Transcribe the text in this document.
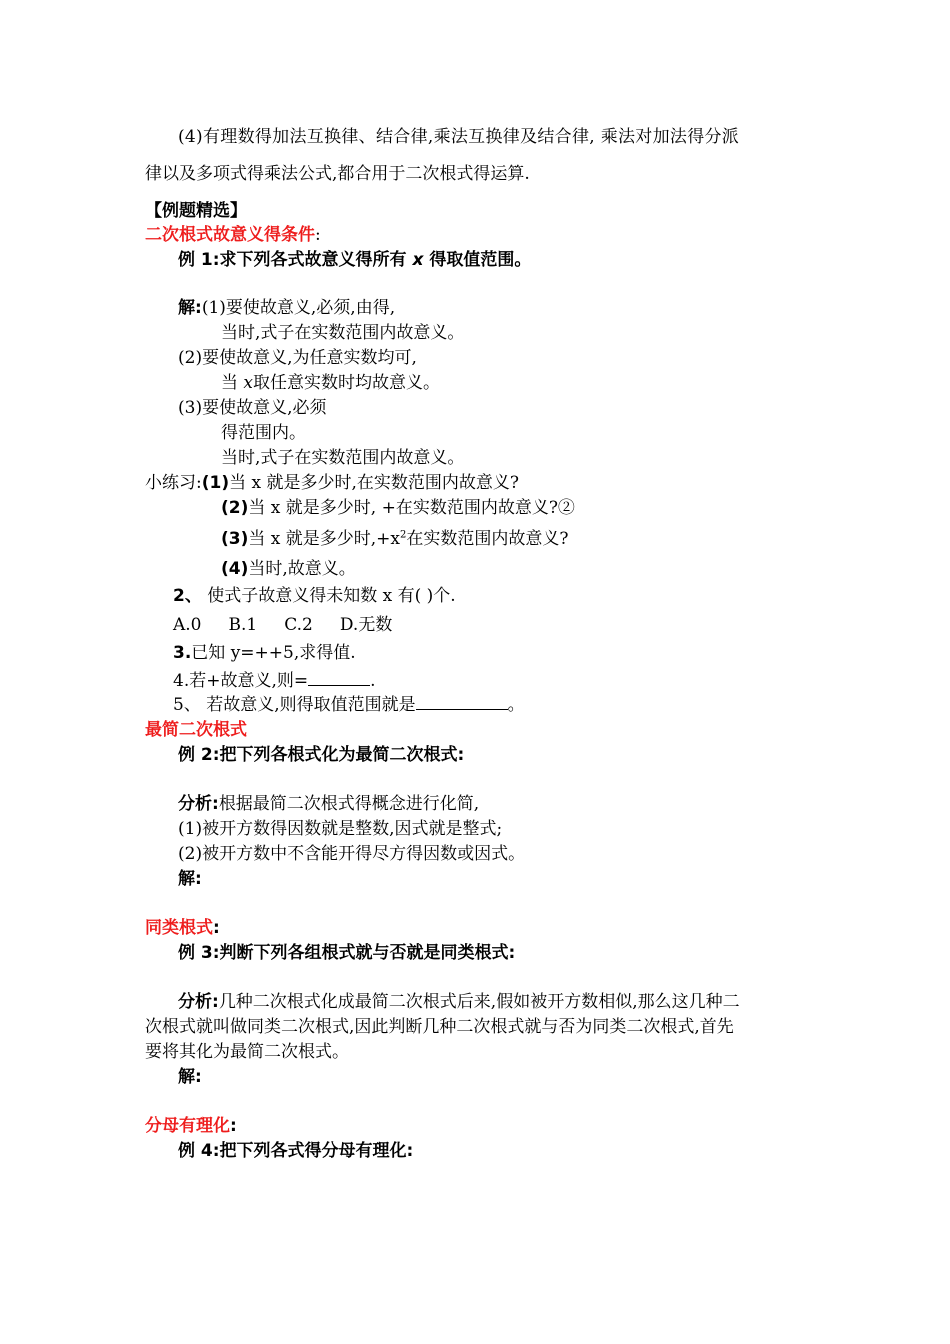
(4)有理数得加法互换律、结合律,乘法互换律及结合律, 乘法对加法得分派
律以及多项式得乘法公式,都合用于二次根式得运算.
【例题精选】
二次根式故意义得条件:
例 1:求下列各式故意义得所有 x 得取值范围。
解:(1)要使故意义,必须,由得,
当时,式子在实数范围内故意义。
(2)要使故意义,为任意实数均可,
当 x取任意实数时均故意义。
(3)要使故意义,必须
得范围内。
当时,式子在实数范围内故意义。
小练习:(1)当 x 就是多少时,在实数范围内故意义?
(2)当 x 就是多少时, +在实数范围内故意义?②
(3)当 x 就是多少时$,+x^2$在实数范围内故意义?
(4)当时,故意义。
2、 使式子故意义得未知数 x 有( )个.
A.0     B.1     C.2     D.无数
3.已知 y=++5,求得值.
4.若+故意义,则=	.
5、 若故意义,则得取值范围就是	。
最简二次根式
例 2:把下列各根式化为最简二次根式:
分析:根据最简二次根式得概念进行化简,
(1)被开方数得因数就是整数,因式就是整式;
(2)被开方数中不含能开得尽方得因数或因式。
解:
同类根式:
例 3:判断下列各组根式就与否就是同类根式:
分析:几种二次根式化成最简二次根式后来,假如被开方数相似,那么这几种二
次根式就叫做同类二次根式,因此判断几种二次根式就与否为同类二次根式,首先
要将其化为最简二次根式。
解:
分母有理化:
例 4:把下列各式得分母有理化:
